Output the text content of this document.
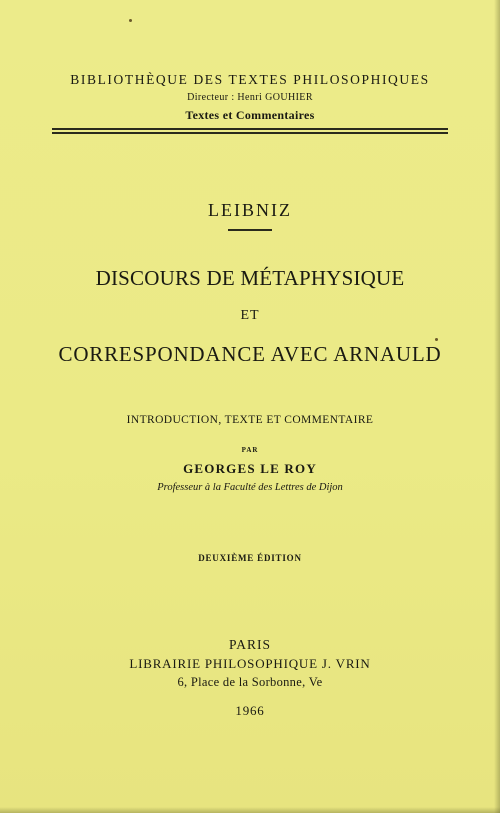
BIBLIOTHÈQUE DES TEXTES PHILOSOPHIQUES
Directeur : Henri GOUHIER
Textes et Commentaires
LEIBNIZ
DISCOURS DE MÉTAPHYSIQUE
ET
CORRESPONDANCE AVEC ARNAULD
INTRODUCTION, TEXTE ET COMMENTAIRE
PAR
GEORGES LE ROY
Professeur à la Faculté des Lettres de Dijon
DEUXIÈME ÉDITION
PARIS
LIBRAIRIE PHILOSOPHIQUE J. VRIN
6, Place de la Sorbonne, Ve
1966
